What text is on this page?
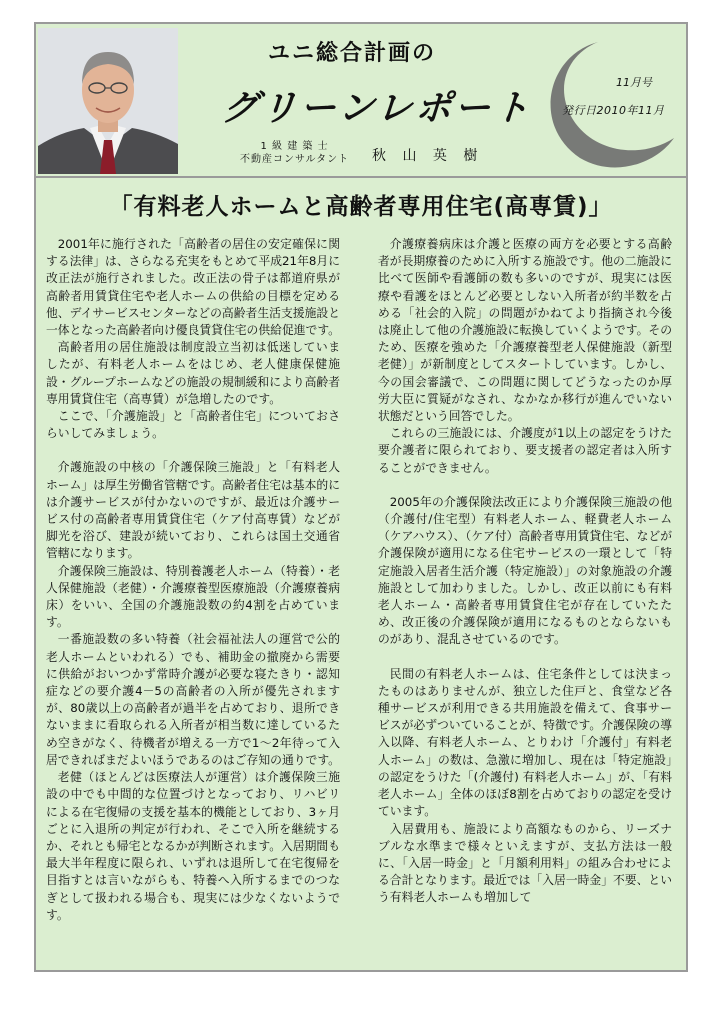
ユニ総合計画の
グリーンレポート
1 級 建 築 士
不動産コンサルタント 秋 山 英 樹
11月号
発行日2010年11月
「有料老人ホームと高齢者専用住宅(高専賃)」

2001年に施行された「高齢者の居住の安定確保に関する法律」は、さらなる充実をもとめて平成21年8月に改正法が施行されました。改正法の骨子は都道府県が高齢者用賃貸住宅や老人ホームの供給の目標を定める他、デイサービスセンターなどの高齢者生活支援施設と一体となった高齢者向け優良賃貸住宅の供給促進です。

高齢者用の居住施設は制度設立当初は低迷していましたが、有料老人ホームをはじめ、老人健康保健施設・グループホームなどの施設の規制緩和により高齢者専用賃貸住宅（高専賃）が急増したのです。

ここで、「介護施設」と「高齢者住宅」についておさらいしてみましょう。

介護施設の中核の「介護保険三施設」と「有料老人ホーム」は厚生労働省管轄です。高齢者住宅は基本的には介護サービスが付かないのですが、最近は介護サービス付の高齢者専用賃貸住宅（ケア付高専賃）などが脚光を浴び、建設が続いており、これらは国土交通省管轄になります。

介護保険三施設は、特別養護老人ホーム（特養）・老人保健施設（老健）・介護療養型医療施設（介護療養病床）をいい、全国の介護施設数の約4割を占めています。

一番施設数の多い特養（社会福祉法人の運営で公的老人ホームといわれる）でも、補助金の撤廃から需要に供給がおいつかず常時介護が必要な寝たきり・認知症などの要介護4－5の高齢者の入所が優先されますが、80歳以上の高齢者が過半を占めており、退所できないままに看取られる入所者が相当数に達しているため空きがなく、待機者が増える一方で1～2年待って入居できればまだよいほうであるのはご存知の通りです。

老健（ほとんどは医療法人が運営）は介護保険三施設の中でも中間的な位置づけとなっており、リハビリによる在宅復帰の支援を基本的機能としており、3ヶ月ごとに入退所の判定が行われ、そこで入所を継続するか、それとも帰宅となるかが判断されます。入居期間も最大半年程度に限られ、いずれは退所して在宅復帰を目指すとは言いながらも、特養へ入所するまでのつなぎとして扱われる場合も、現実には少なくないようです。

介護療養病床は介護と医療の両方を必要とする高齢者が長期療養のために入所する施設です。他の二施設に比べて医師や看護師の数も多いのですが、現実には医療や看護をほとんど必要としない入所者が約半数を占める「社会的入院」の問題がかねてより指摘され今後は廃止して他の介護施設に転換していくようです。そのため、医療を強めた「介護療養型老人保健施設（新型老健）」が新制度としてスタートしています。しかし、今の国会審議で、この問題に関してどうなったのか厚労大臣に質疑がなされ、なかなか移行が進んでいない状態だという回答でした。

これらの三施設には、介護度が1以上の認定をうけた要介護者に限られており、要支援者の認定者は入所することができません。

2005年の介護保険法改正により介護保険三施設の他（介護付/住宅型）有料老人ホーム、軽費老人ホーム（ケアハウス）、（ケア付）高齢者専用賃貸住宅、などが介護保険が適用になる住宅サービスの一環として「特定施設入居者生活介護（特定施設）」の対象施設の介護施設として加わりました。しかし、改正以前にも有料老人ホーム・高齢者専用賃貸住宅が存在していたため、改正後の介護保険が適用になるものとならないものがあり、混乱させているのです。

民間の有料老人ホームは、住宅条件としては決まったものはありませんが、独立した住戸と、食堂など各種サービスが利用できる共用施設を備えて、食事サービスが必ずついていることが、特徴です。介護保険の導入以降、有料老人ホーム、とりわけ「介護付」有料老人ホーム」の数は、急激に増加し、現在は「特定施設」の認定をうけた「(介護付) 有料老人ホーム」が、「有料老人ホーム」全体のほぼ8割を占めておりの認定を受けています。

入居費用も、施設により高額なものから、リーズナブルな水準まで様々といえますが、支払方法は一般に、「入居一時金」と「月額利用料」の組み合わせによる合計となります。最近では「入居一時金」不要、という有料老人ホームも増加して
